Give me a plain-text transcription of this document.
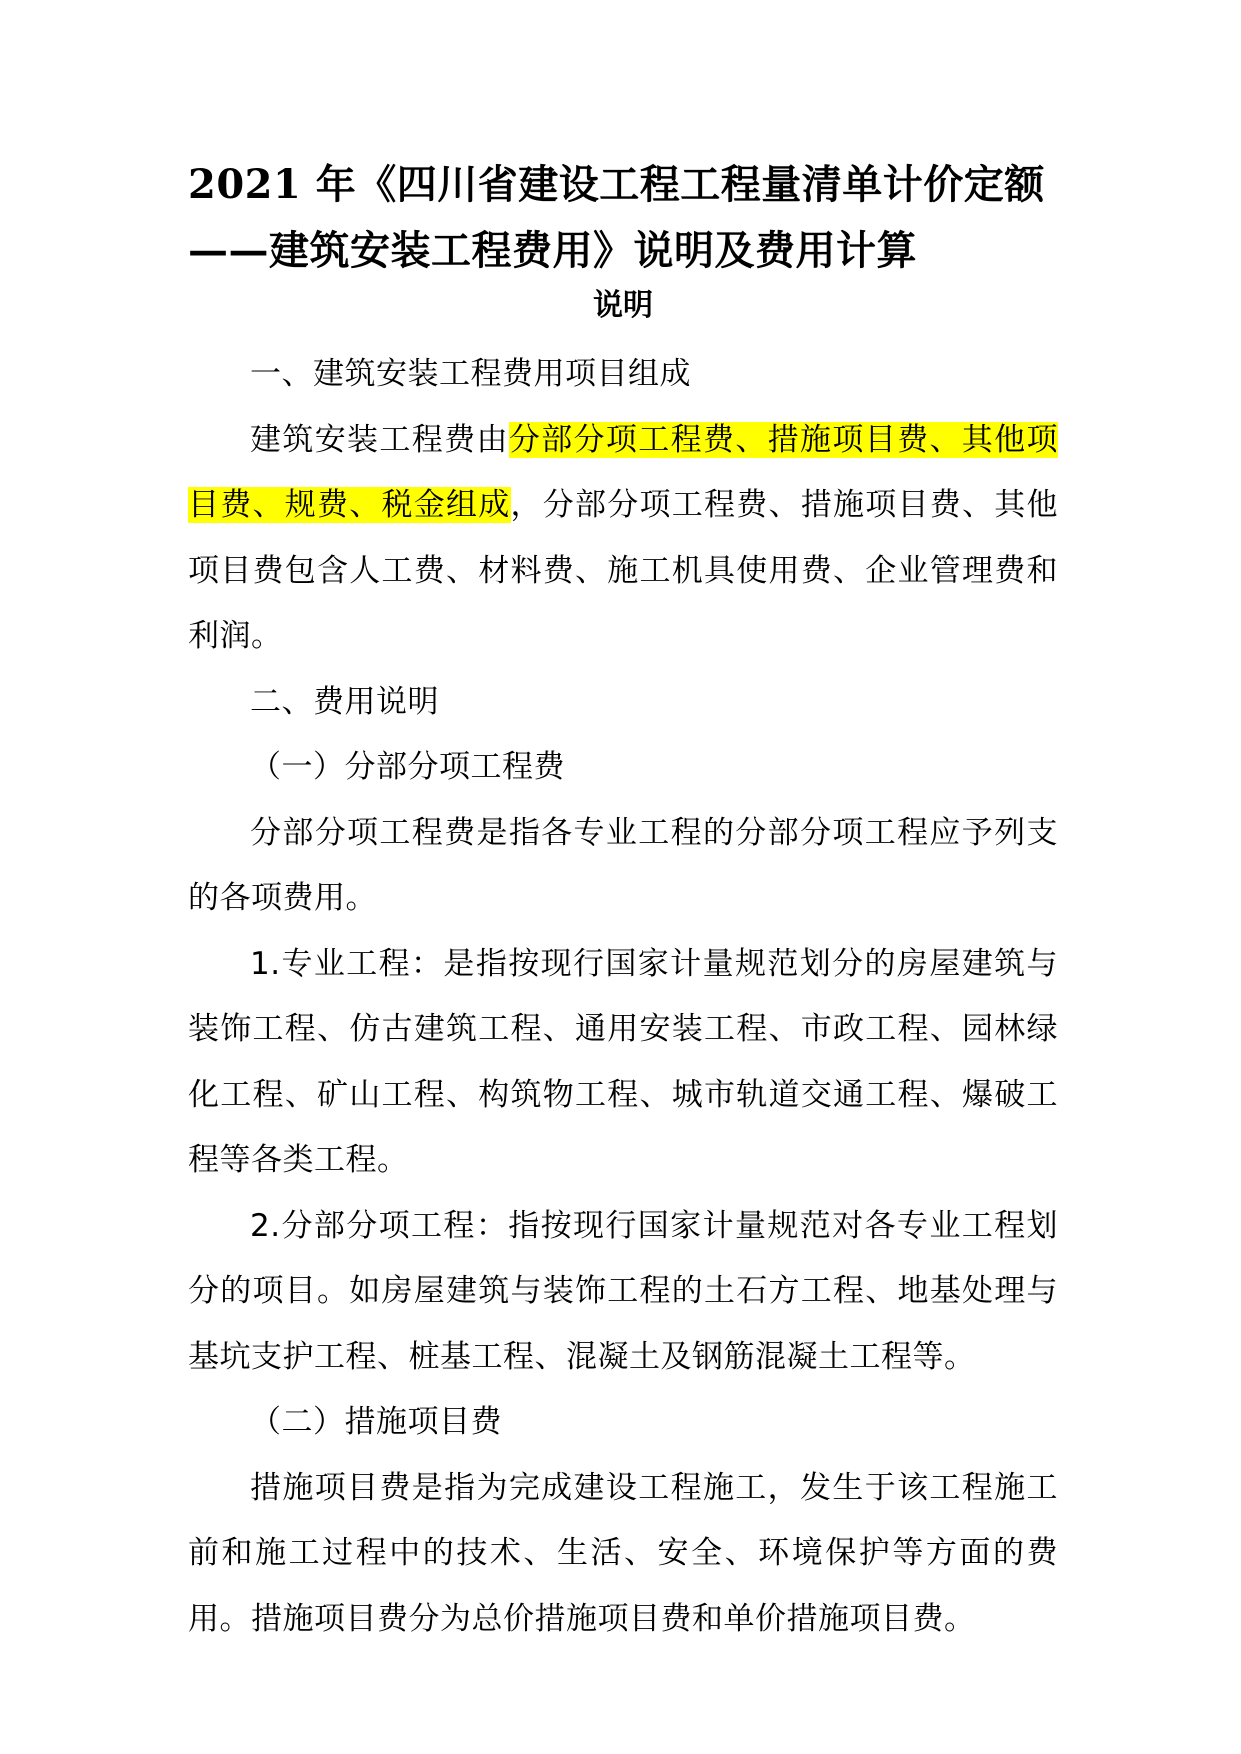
2021 年《四川省建设工程工程量清单计价定额
——建筑安装工程费用》说明及费用计算
说明

一、建筑安装工程费用项目组成

建筑安装工程费由分部分项工程费、措施项目费、其他项目费、规费、税金组成，分部分项工程费、措施项目费、其他项目费包含人工费、材料费、施工机具使用费、企业管理费和利润。

二、费用说明

（一）分部分项工程费

分部分项工程费是指各专业工程的分部分项工程应予列支的各项费用。

1.专业工程：是指按现行国家计量规范划分的房屋建筑与装饰工程、仿古建筑工程、通用安装工程、市政工程、园林绿化工程、矿山工程、构筑物工程、城市轨道交通工程、爆破工程等各类工程。

2.分部分项工程：指按现行国家计量规范对各专业工程划分的项目。如房屋建筑与装饰工程的土石方工程、地基处理与基坑支护工程、桩基工程、混凝土及钢筋混凝土工程等。

（二）措施项目费

措施项目费是指为完成建设工程施工，发生于该工程施工前和施工过程中的技术、生活、安全、环境保护等方面的费用。措施项目费分为总价措施项目费和单价措施项目费。
